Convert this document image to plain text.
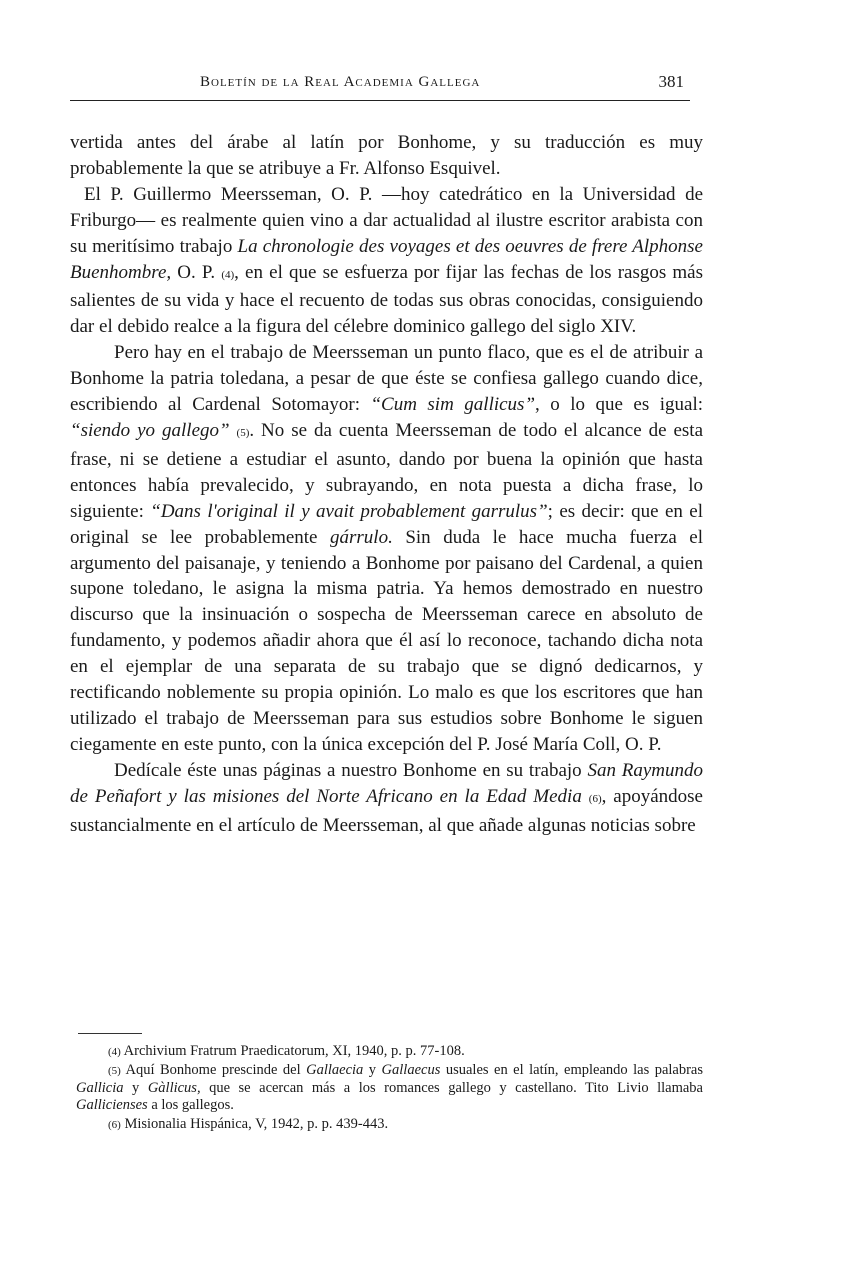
Boletín de la Real Academia Gallega	381

vertida antes del árabe al latín por Bonhome, y su traducción es muy probablemente la que se atribuye a Fr. Alfonso Esquivel.

El P. Guillermo Meersseman, O. P. —hoy catedrático en la Universidad de Friburgo— es realmente quien vino a dar actualidad al ilustre escritor arabista con su meritísimo trabajo La chronologie des voyages et des oeuvres de frere Alphonse Buenhombre, O. P. (4), en el que se esfuerza por fijar las fechas de los rasgos más salientes de su vida y hace el recuento de todas sus obras conocidas, consiguiendo dar el debido realce a la figura del célebre dominico gallego del siglo XIV.

Pero hay en el trabajo de Meersseman un punto flaco, que es el de atribuir a Bonhome la patria toledana, a pesar de que éste se confiesa gallego cuando dice, escribiendo al Cardenal Sotomayor: “Cum sim gallicus”, o lo que es igual: “siendo yo gallego” (5). No se da cuenta Meersseman de todo el alcance de esta frase, ni se detiene a estudiar el asunto, dando por buena la opinión que hasta entonces había prevalecido, y subrayando, en nota puesta a dicha frase, lo siguiente: “Dans l'original il y avait probablement garrulus”; es decir: que en el original se lee probablemente gárrulo. Sin duda le hace mucha fuerza el argumento del paisanaje, y teniendo a Bonhome por paisano del Cardenal, a quien supone toledano, le asigna la misma patria. Ya hemos demostrado en nuestro discurso que la insinuación o sospecha de Meersseman carece en absoluto de fundamento, y podemos añadir ahora que él así lo reconoce, tachando dicha nota en el ejemplar de una separata de su trabajo que se dignó dedicarnos, y rectificando noblemente su propia opinión. Lo malo es que los escritores que han utilizado el trabajo de Meersseman para sus estudios sobre Bonhome le siguen ciegamente en este punto, con la única excepción del P. José María Coll, O. P.

Dedícale éste unas páginas a nuestro Bonhome en su trabajo San Raymundo de Peñafort y las misiones del Norte Africano en la Edad Media (6), apoyándose sustancialmente en el artículo de Meersseman, al que añade algunas noticias sobre

(4) Archivium Fratrum Praedicatorum, XI, 1940, p. p. 77-108.

(5) Aquí Bonhome prescinde del Gallaecia y Gallaecus usuales en el latín, empleando las palabras Gallicia y Gàllicus, que se acercan más a los romances gallego y castellano. Tito Livio llamaba Gallicienses a los gallegos.

(6) Misionalia Hispánica, V, 1942, p. p. 439-443.
